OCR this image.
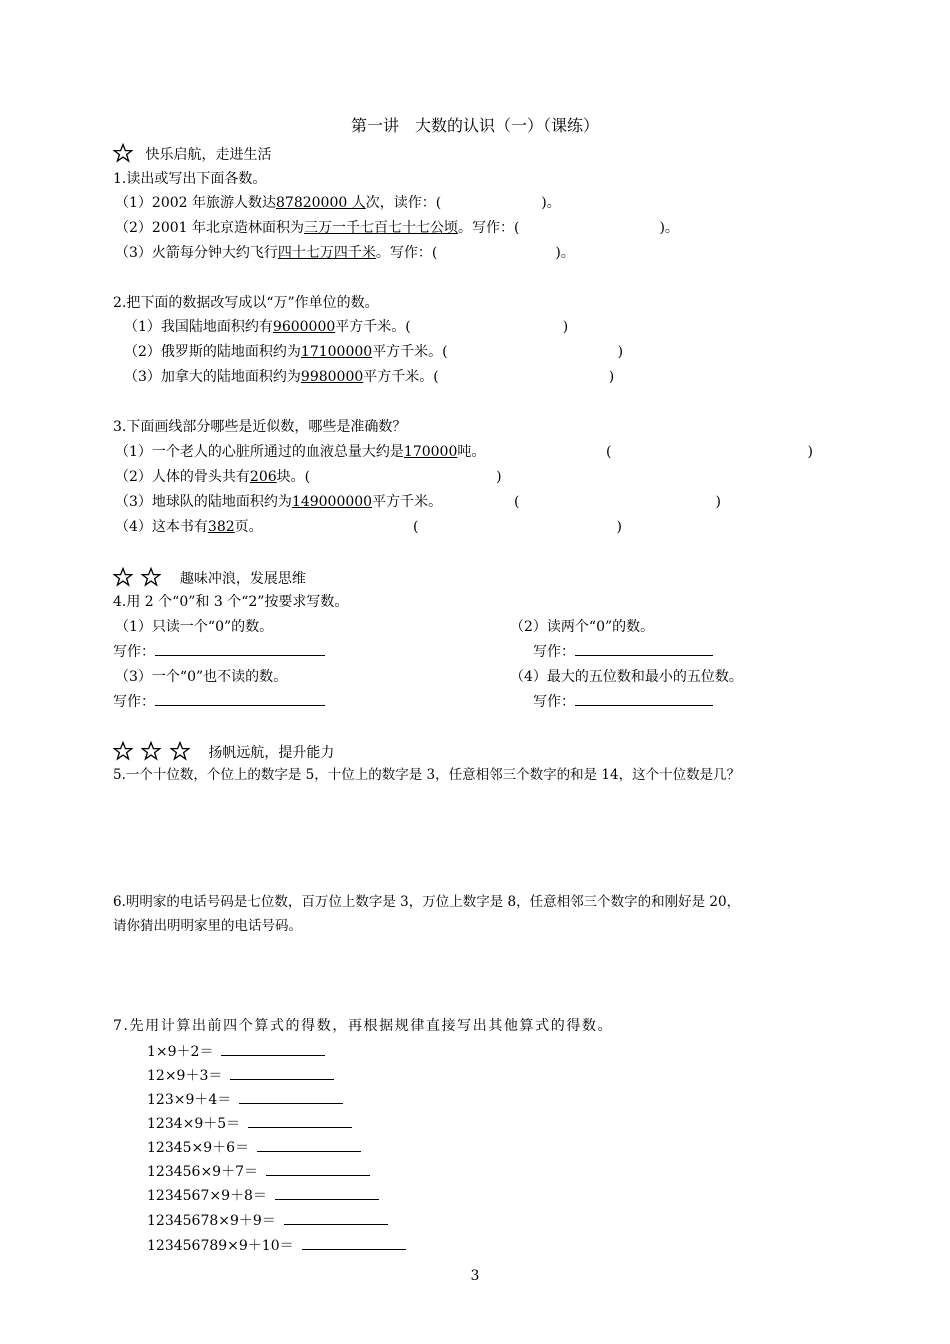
第一讲　大数的认识（一）（课练）
快乐启航，走进生活
1.读出或写出下面各数。
（1）2002 年旅游人数达87820000 人次，读作：(	)。
（2）2001 年北京造林面积为三万一千七百七十七公顷。写作：(	)。
（3）火箭每分钟大约飞行四十七万四千米。写作：(	)。
2.把下面的数据改写成以“万”作单位的数。
（1）我国陆地面积约有9600000平方千米。(	)
（2）俄罗斯的陆地面积约为17100000平方千米。(	)
（3）加拿大的陆地面积约为9980000平方千米。(	)
3.下面画线部分哪些是近似数，哪些是准确数？
（1）一个老人的心脏所通过的血液总量大约是170000吨。	(	)
（2）人体的骨头共有206块。(	)
（3）地球队的陆地面积约为149000000平方千米。	(	)
（4）这本书有382页。	(	)

趣味冲浪，发展思维
4.用 2 个“0”和 3 个“2”按要求写数。
（1）只读一个“0”的数。	（2）读两个“0”的数。
写作：	写作：
（3）一个“0”也不读的数。	（4）最大的五位数和最小的五位数。
写作：	写作：

扬帆远航，提升能力
5.一个十位数，个位上的数字是 5，十位上的数字是 3，任意相邻三个数字的和是 14，这个十位数是几？
6.明明家的电话号码是七位数，百万位上数字是 3，万位上数字是 8，任意相邻三个数字的和刚好是 20，
请你猜出明明家里的电话号码。
7.先用计算出前四个算式的得数，再根据规律直接写出其他算式的得数。
1×9＋2＝
12×9＋3＝
123×9＋4＝
1234×9＋5＝
12345×9＋6＝
123456×9＋7＝
1234567×9＋8＝
12345678×9＋9＝
123456789×9＋10＝
3
